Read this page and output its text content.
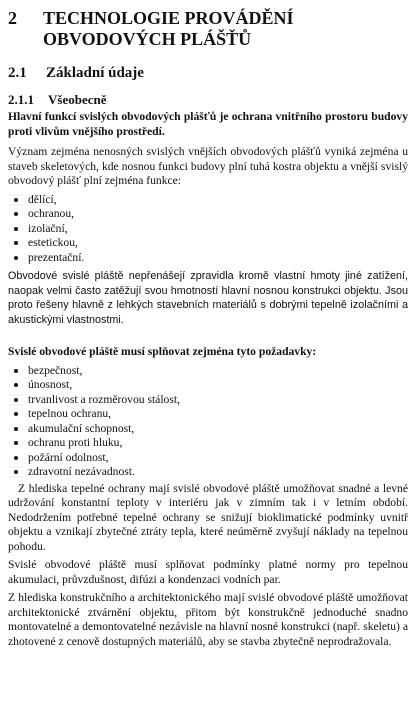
2	TECHNOLOGIE PROVÁDĚNÍ OBVODOVÝCH PLÁŠŤŮ
2.1	Základní údaje
2.1.1	Všeobecně

Hlavní funkcí svislých obvodových plášťů je ochrana vnitřního prostoru budovy proti vlivům vnějšího prostředí.

Význam zejména nenosných svislých vnějších obvodových plášťů vyniká zejména u staveb skeletových, kde nosnou funkci budovy plní tuhá kostra objektu a vnější svislý obvodový plášť plní zejména funkce:

dělící,
ochranou,
izolační,
estetickou,
prezentační.

Obvodové svislé pláště nepřenášejí zpravidla kromě vlastní hmoty jiné zatížení, naopak velmi často zatěžují svou hmotností hlavní nosnou konstrukci objektu. Jsou proto řešeny hlavně z lehkých stavebních materiálů s dobrými tepelně izolačními a akustickými vlastnostmi.

Svislé obvodové pláště musí splňovat zejména tyto požadavky:

bezpečnost,
únosnost,
trvanlivost a rozměrovou stálost,
tepelnou ochranu,
akumulační schopnost,
ochranu proti hluku,
požární odolnost,
zdravotní nezávadnost.

Z hlediska tepelné ochrany mají svislé obvodové pláště umožňovat snadné a levné udržování konstantní teploty v interiéru jak v zimním tak i v letním období. Nedodržením potřebné tepelné ochrany se snižují bioklimatické podmínky uvnitř objektu a vznikají zbytečné ztráty tepla, které neúměrně zvyšují náklady na tepelnou pohodu.

Svislé obvodové pláště musí splňovat podmínky platné normy pro tepelnou akumulaci, průvzdušnost, difúzi a kondenzaci vodních par.

Z hlediska konstrukčního a architektonického mají svislé obvodové pláště umožňovat architektonické ztvárnění objektu, přitom být konstrukčně jednoduché snadno montovatelné a demontovatelné nezávisle na hlavní nosné konstrukci (např. skeletu) a zhotovené z cenově dostupných materiálů, aby se stavba zbytečně neprodražovala.
